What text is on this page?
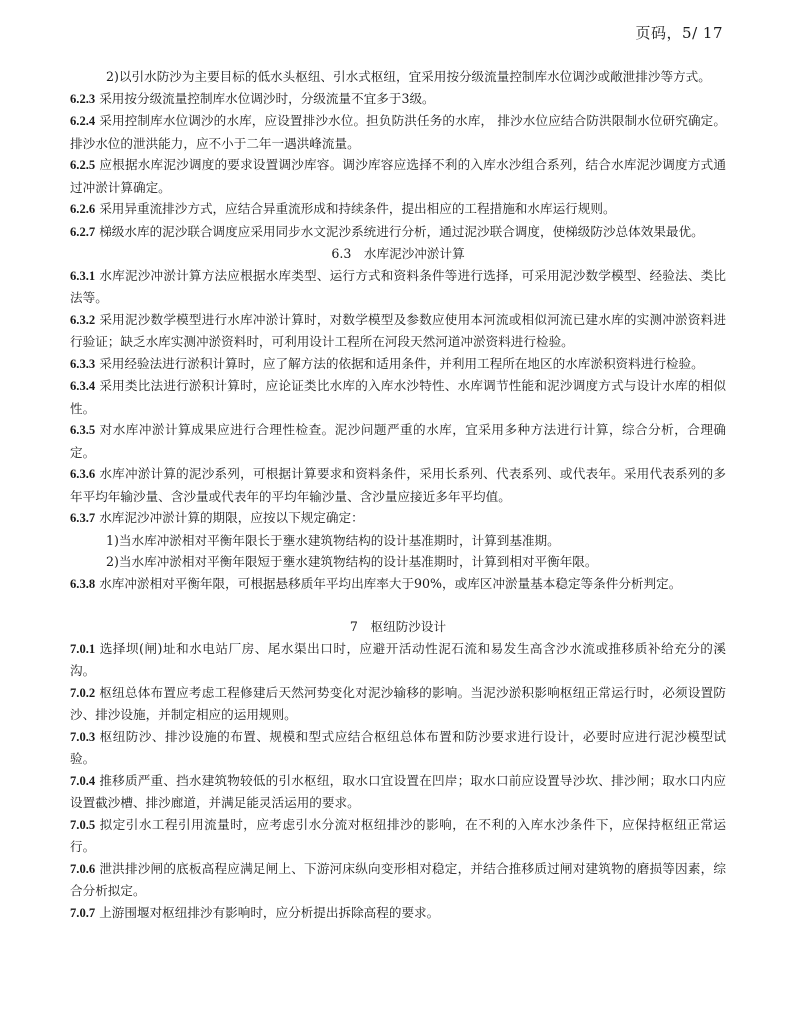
页码，5/ 17

2)以引水防沙为主要目标的低水头枢纽、引水式枢纽，宜采用按分级流量控制库水位调沙或敞泄排沙等方式。

6.2.3 采用按分级流量控制库水位调沙时，分级流量不宜多于3级。

6.2.4 采用控制库水位调沙的水库，应设置排沙水位。担负防洪任务的水库， 排沙水位应结合防洪限制水位研究确定。排沙水位的泄洪能力，应不小于二年一遇洪峰流量。

6.2.5 应根据水库泥沙调度的要求设置调沙库容。调沙库容应选择不利的入库水沙组合系列，结合水库泥沙调度方式通过冲淤计算确定。

6.2.6 采用异重流排沙方式，应结合异重流形成和持续条件，提出相应的工程措施和水库运行规则。

6.2.7 梯级水库的泥沙联合调度应采用同步水文泥沙系统进行分析，通过泥沙联合调度，使梯级防沙总体效果最优。

6.3　水库泥沙冲淤计算

6.3.1 水库泥沙冲淤计算方法应根据水库类型、运行方式和资料条件等进行选择，可采用泥沙数学模型、经验法、类比法等。

6.3.2 采用泥沙数学模型进行水库冲淤计算时，对数学模型及参数应使用本河流或相似河流已建水库的实测冲淤资料进行验证；缺乏水库实测冲淤资料时，可利用设计工程所在河段天然河道冲淤资料进行检验。

6.3.3 采用经验法进行淤积计算时，应了解方法的依据和适用条件，并利用工程所在地区的水库淤积资料进行检验。

6.3.4 采用类比法进行淤积计算时，应论证类比水库的入库水沙特性、水库调节性能和泥沙调度方式与设计水库的相似性。

6.3.5 对水库冲淤计算成果应进行合理性检查。泥沙问题严重的水库，宜采用多种方法进行计算，综合分析，合理确定。

6.3.6 水库冲淤计算的泥沙系列，可根据计算要求和资料条件，采用长系列、代表系列、或代表年。采用代表系列的多年平均年输沙量、含沙量或代表年的平均年输沙量、含沙量应接近多年平均值。

6.3.7 水库泥沙冲淤计算的期限，应按以下规定确定：

1)当水库冲淤相对平衡年限长于壅水建筑物结构的设计基准期时，计算到基准期。

2)当水库冲淤相对平衡年限短于壅水建筑物结构的设计基准期时，计算到相对平衡年限。

6.3.8 水库冲淤相对平衡年限，可根据悬移质年平均出库率大于90%，或库区冲淤量基本稳定等条件分析判定。

7　枢纽防沙设计

7.0.1 选择坝(闸)址和水电站厂房、尾水渠出口时，应避开活动性泥石流和易发生高含沙水流或推移质补给充分的溪沟。

7.0.2 枢纽总体布置应考虑工程修建后天然河势变化对泥沙输移的影响。当泥沙淤积影响枢纽正常运行时，必须设置防沙、排沙设施，并制定相应的运用规则。

7.0.3 枢纽防沙、排沙设施的布置、规模和型式应结合枢纽总体布置和防沙要求进行设计，必要时应进行泥沙模型试验。

7.0.4 推移质严重、挡水建筑物较低的引水枢纽，取水口宜设置在凹岸；取水口前应设置导沙坎、排沙闸；取水口内应设置截沙槽、排沙廊道，并满足能灵活运用的要求。

7.0.5 拟定引水工程引用流量时，应考虑引水分流对枢纽排沙的影响，在不利的入库水沙条件下，应保持枢纽正常运行。

7.0.6 泄洪排沙闸的底板高程应满足闸上、下游河床纵向变形相对稳定，并结合推移质过闸对建筑物的磨损等因素，综合分析拟定。

7.0.7 上游围堰对枢纽排沙有影响时，应分析提出拆除高程的要求。
